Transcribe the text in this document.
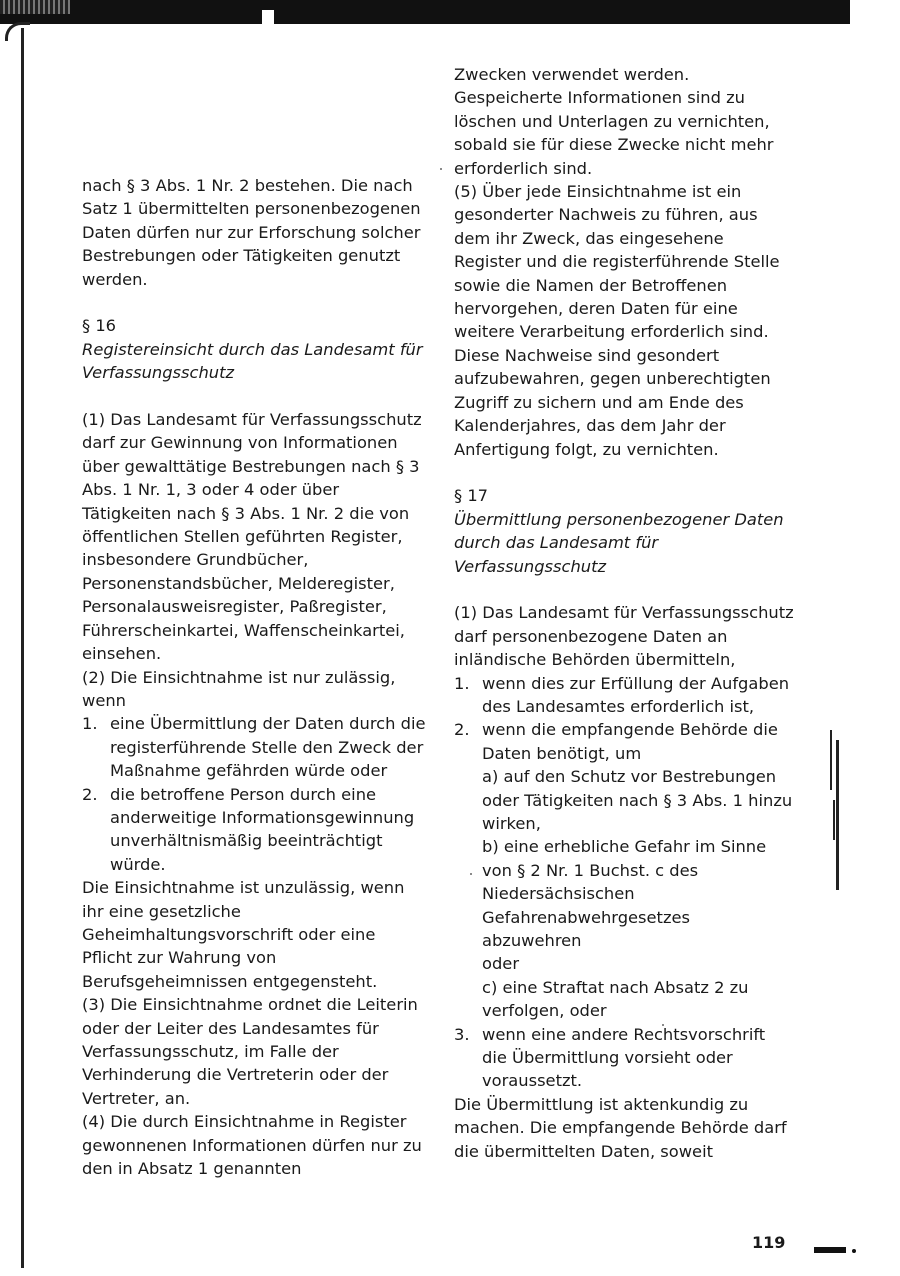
nach § 3 Abs. 1 Nr. 2 bestehen. Die nach Satz 1 übermittelten personenbezogenen Daten dürfen nur zur Erforschung solcher Bestrebungen oder Tätigkeiten genutzt werden.

§ 16

Registereinsicht durch das Landesamt für Verfassungsschutz

(1) Das Landesamt für Verfassungsschutz darf zur Gewinnung von Informationen über gewalttätige Bestrebungen nach § 3 Abs. 1 Nr. 1, 3 oder 4 oder über Tätigkeiten nach § 3 Abs. 1 Nr. 2 die von öffentlichen Stellen geführten Register, insbesondere Grundbücher, Personenstandsbücher, Melderegister, Personalausweisregister, Paßregister, Führerscheinkartei, Waffenscheinkartei, einsehen.

(2) Die Einsichtnahme ist nur zulässig, wenn

1. eine Übermittlung der Daten durch die registerführende Stelle den Zweck der Maßnahme gefährden würde oder
2. die betroffene Person durch eine anderweitige Informationsgewinnung unverhältnismäßig beeinträchtigt würde.

Die Einsichtnahme ist unzulässig, wenn ihr eine gesetzliche Geheimhaltungsvorschrift oder eine Pflicht zur Wahrung von Berufsgeheimnissen entgegensteht.

(3) Die Einsichtnahme ordnet die Leiterin oder der Leiter des Landesamtes für Verfassungsschutz, im Falle der Verhinderung die Vertreterin oder der Vertreter, an.

(4) Die durch Einsichtnahme in Register gewonnenen Informationen dürfen nur zu den in Absatz 1 genannten

Zwecken verwendet werden. Gespeicherte Informationen sind zu löschen und Unterlagen zu vernichten, sobald sie für diese Zwecke nicht mehr erforderlich sind.

(5) Über jede Einsichtnahme ist ein gesonderter Nachweis zu führen, aus dem ihr Zweck, das eingesehene Register und die registerführende Stelle sowie die Namen der Betroffenen hervorgehen, deren Daten für eine weitere Verarbeitung erforderlich sind. Diese Nachweise sind gesondert aufzubewahren, gegen unberechtigten Zugriff zu sichern und am Ende des Kalenderjahres, das dem Jahr der Anfertigung folgt, zu vernichten.

§ 17

Übermittlung personenbezogener Daten durch das Landesamt für Verfassungsschutz

(1) Das Landesamt für Verfassungsschutz darf personenbezogene Daten an inländische Behörden übermitteln,

1. wenn dies zur Erfüllung der Aufgaben des Landesamtes erforderlich ist,
2. wenn die empfangende Behörde die Daten benötigt, um

a) auf den Schutz vor Bestrebungen oder Tätigkeiten nach § 3 Abs. 1 hinzu wirken,

b) eine erhebliche Gefahr im Sinne von § 2 Nr. 1 Buchst. c des Niedersächsischen Gefahrenabwehrgesetzes abzuwehren

oder

c) eine Straftat nach Absatz 2 zu verfolgen, oder

3. wenn eine andere Rechtsvorschrift die Übermittlung vorsieht oder voraussetzt.

Die Übermittlung ist aktenkundig zu machen. Die empfangende Behörde darf die übermittelten Daten, soweit

119
